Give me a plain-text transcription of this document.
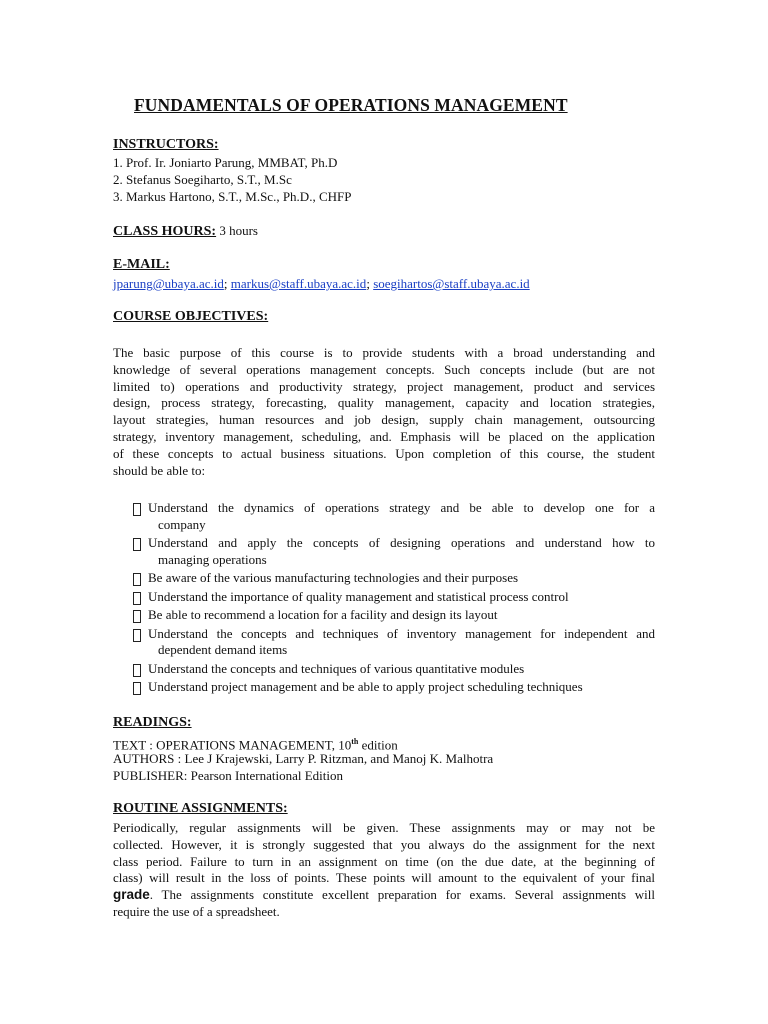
FUNDAMENTALS OF OPERATIONS MANAGEMENT
INSTRUCTORS:
1. Prof. Ir. Joniarto Parung, MMBAT, Ph.D
2. Stefanus Soegiharto, S.T., M.Sc
3. Markus Hartono, S.T., M.Sc., Ph.D., CHFP
CLASS HOURS: 3 hours
E-MAIL:
jparung@ubaya.ac.id; markus@staff.ubaya.ac.id; soegihartos@staff.ubaya.ac.id
COURSE OBJECTIVES:
The basic purpose of this course is to provide students with a broad understanding and
knowledge of several operations management concepts. Such concepts include (but are not
limited to) operations and productivity strategy, project management, product and services
design, process strategy, forecasting, quality management, capacity and location strategies,
layout strategies, human resources and job design, supply chain management, outsourcing
strategy, inventory management, scheduling, and. Emphasis will be placed on the application
of these concepts to actual business situations. Upon completion of this course, the student
should be able to:
Understand the dynamics of operations strategy and be able to develop one for a
company
Understand and apply the concepts of designing operations and understand how to
managing operations
Be aware of the various manufacturing technologies and their purposes
Understand the importance of quality management and statistical process control
Be able to recommend a location for a facility and design its layout
Understand the concepts and techniques of inventory management for independent and
dependent demand items
Understand the concepts and techniques of various quantitative modules
Understand project management and be able to apply project scheduling techniques
READINGS:
TEXT : OPERATIONS MANAGEMENT, 10th edition
AUTHORS : Lee J Krajewski, Larry P. Ritzman, and Manoj K. Malhotra
PUBLISHER: Pearson International Edition
ROUTINE ASSIGNMENTS:
Periodically, regular assignments will be given. These assignments may or may not be
collected. However, it is strongly suggested that you always do the assignment for the next
class period. Failure to turn in an assignment on time (on the due date, at the beginning of
class) will result in the loss of points. These points will amount to the equivalent of your final
grade. The assignments constitute excellent preparation for exams. Several assignments will
require the use of a spreadsheet.
